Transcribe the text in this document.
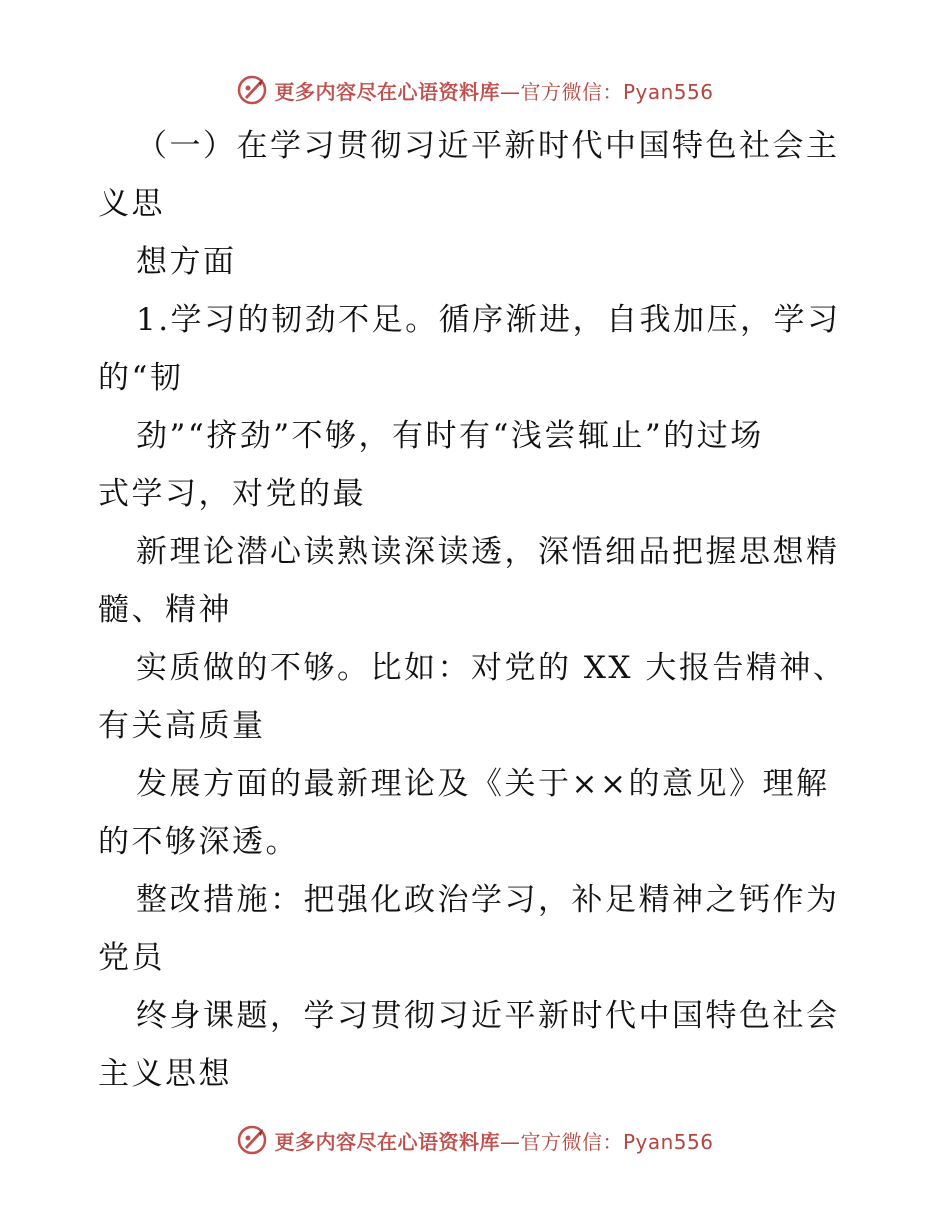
更多内容尽在心语资料库—官方微信：Pyan556
（一）在学习贯彻习近平新时代中国特色社会主
义思
想方面
1.学习的韧劲不足。循序渐进，自我加压，学习
的“韧
劲”“挤劲”不够，有时有“浅尝辄止”的过场
式学习，对党的最
新理论潜心读熟读深读透，深悟细品把握思想精
髓、精神
实质做的不够。比如：对党的 XX 大报告精神、
有关高质量
发展方面的最新理论及《关于××的意见》理解
的不够深透。
整改措施：把强化政治学习，补足精神之钙作为
党员
终身课题，学习贯彻习近平新时代中国特色社会
主义思想
更多内容尽在心语资料库—官方微信：Pyan556
